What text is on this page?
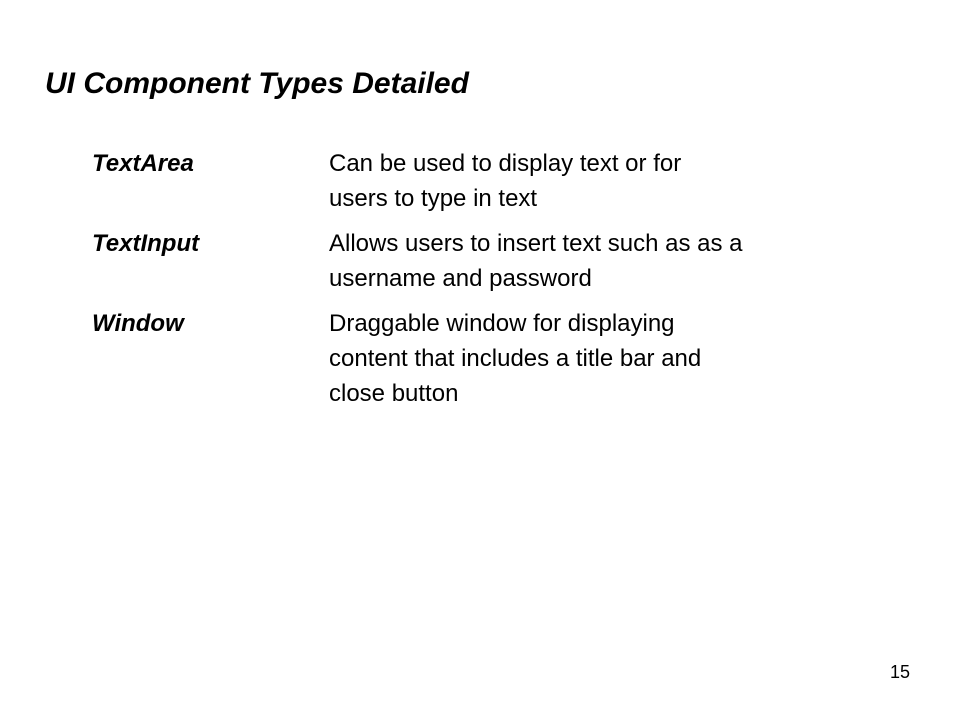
UI Component Types Detailed
TextArea	Can be used to display text or for
users to type in text
TextInput	Allows users to insert text such as as a
username and password
Window	Draggable window for displaying
content that includes a title bar and
close button
15
